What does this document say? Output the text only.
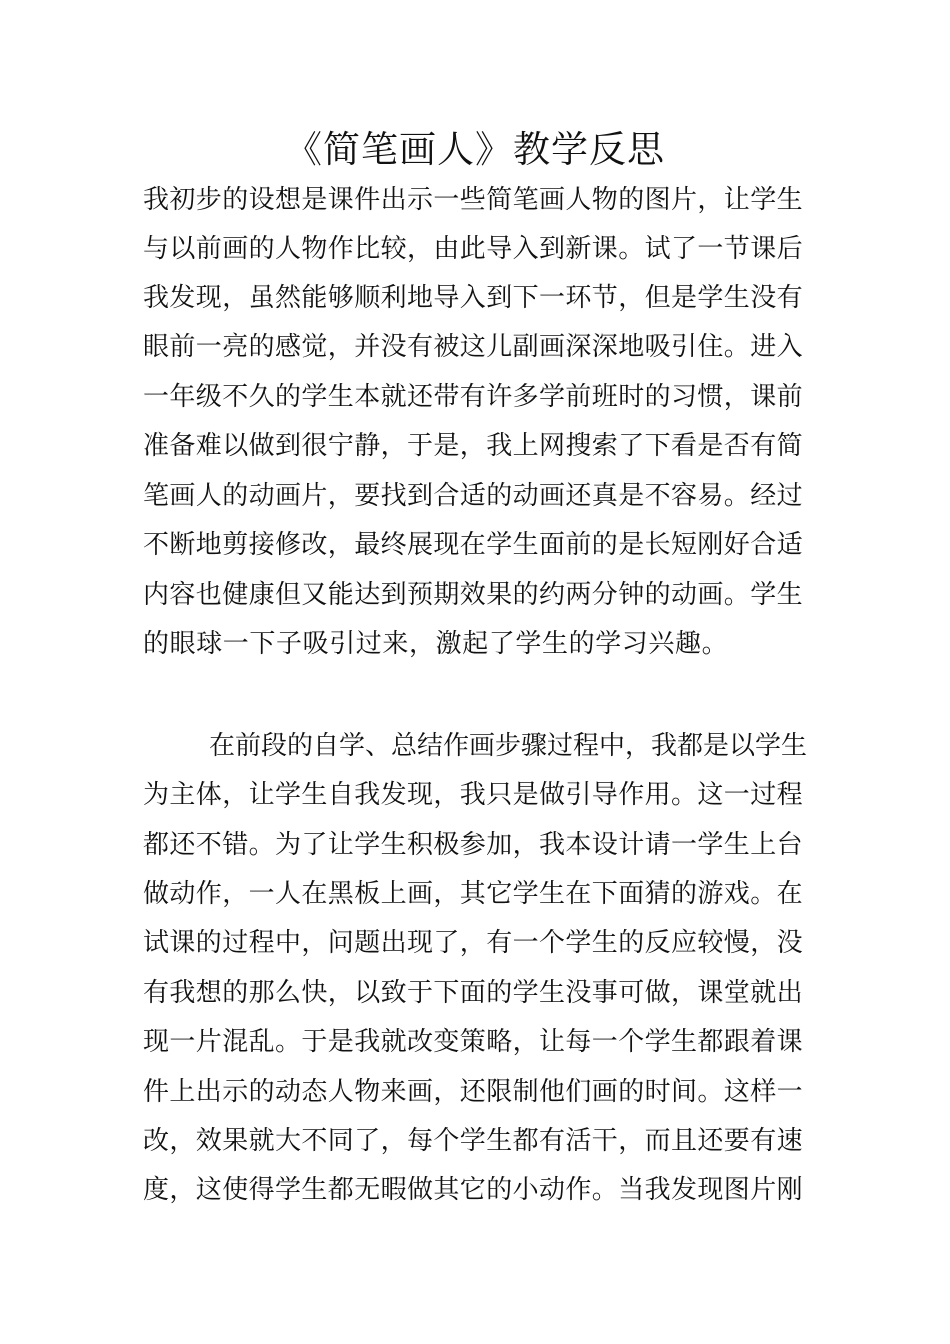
《简笔画人》教学反思
我初步的设想是课件出示一些简笔画人物的图片，让学生
与以前画的人物作比较，由此导入到新课。试了一节课后
我发现，虽然能够顺利地导入到下一环节，但是学生没有
眼前一亮的感觉，并没有被这儿副画深深地吸引住。进入
一年级不久的学生本就还带有许多学前班时的习惯，课前
准备难以做到很宁静，于是，我上网搜索了下看是否有简
笔画人的动画片，要找到合适的动画还真是不容易。经过
不断地剪接修改，最终展现在学生面前的是长短刚好合适
内容也健康但又能达到预期效果的约两分钟的动画。学生
的眼球一下子吸引过来，激起了学生的学习兴趣。
在前段的自学、总结作画步骤过程中，我都是以学生
为主体，让学生自我发现，我只是做引导作用。这一过程
都还不错。为了让学生积极参加，我本设计请一学生上台
做动作，一人在黑板上画，其它学生在下面猜的游戏。在
试课的过程中，问题出现了，有一个学生的反应较慢，没
有我想的那么快，以致于下面的学生没事可做，课堂就出
现一片混乱。于是我就改变策略，让每一个学生都跟着课
件上出示的动态人物来画，还限制他们画的时间。这样一
改，效果就大不同了，每个学生都有活干，而且还要有速
度，这使得学生都无暇做其它的小动作。当我发现图片刚
